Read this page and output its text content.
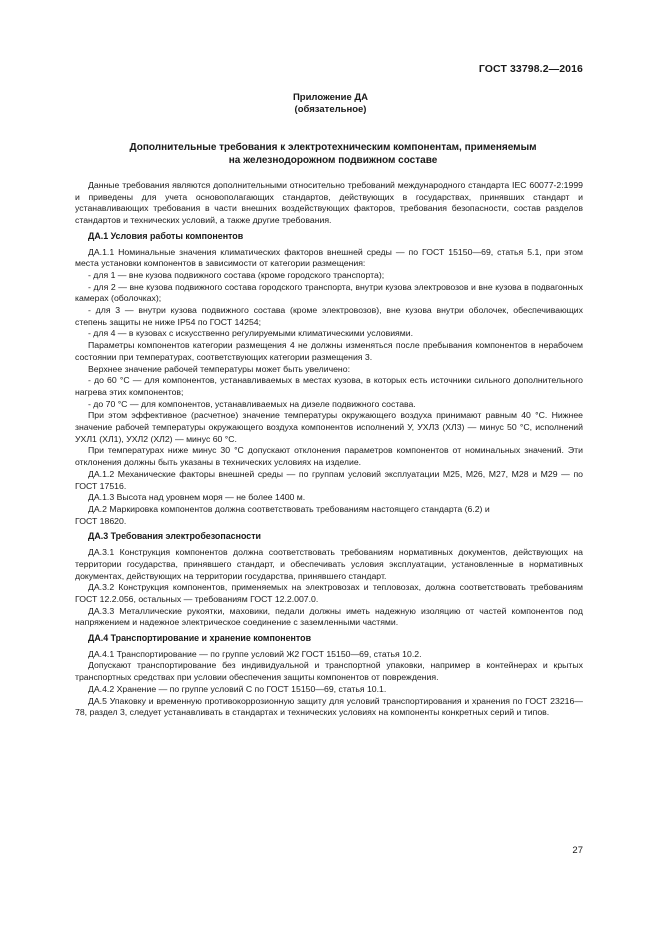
ГОСТ 33798.2—2016
Приложение ДА
(обязательное)
Дополнительные требования к электротехническим компонентам, применяемым
на железнодорожном подвижном составе

Данные требования являются дополнительными относительно требований международного стандарта IEC 60077-2:1999 и приведены для учета основополагающих стандартов, действующих в государствах, принявших стандарт и устанавливающих требования в части внешних воздействующих факторов, требования безопасности, состав разделов стандартов и технических условий, а также другие требования.

ДА.1 Условия работы компонентов

ДА.1.1 Номинальные значения климатических факторов внешней среды — по ГОСТ 15150—69, статья 5.1, при этом места установки компонентов в зависимости от категории размещения:

- для 1 — вне кузова подвижного состава (кроме городского транспорта);

- для 2 — вне кузова подвижного состава городского транспорта, внутри кузова электровозов и вне кузова в подвагонных камерах (оболочках);

- для 3 — внутри кузова подвижного состава (кроме электровозов), вне кузова внутри оболочек, обеспечивающих степень защиты не ниже IP54 по ГОСТ 14254;

- для 4 — в кузовах с искусственно регулируемыми климатическими условиями.

Параметры компонентов категории размещения 4 не должны изменяться после пребывания компонентов в нерабочем состоянии при температурах, соответствующих категории размещения 3.

Верхнее значение рабочей температуры может быть увеличено:

- до 60 °С — для компонентов, устанавливаемых в местах кузова, в которых есть источники сильного дополнительного нагрева этих компонентов;

- до 70 °С — для компонентов, устанавливаемых на дизеле подвижного состава.

При этом эффективное (расчетное) значение температуры окружающего воздуха принимают равным 40 °С. Нижнее значение рабочей температуры окружающего воздуха компонентов исполнений У, УХЛ3 (ХЛ3) — минус 50 °С, исполнений УХЛ1 (ХЛ1), УХЛ2 (ХЛ2) — минус 60 °С.

При температурах ниже минус 30 °С допускают отклонения параметров компонентов от номинальных значений. Эти отклонения должны быть указаны в технических условиях на изделие.

ДА.1.2 Механические факторы внешней среды — по группам условий эксплуатации М25, М26, М27, М28 и М29 — по ГОСТ 17516.

ДА.1.3 Высота над уровнем моря — не более 1400 м.

ДА.2 Маркировка компонентов должна соответствовать требованиям настоящего стандарта (6.2) и

ГОСТ 18620.

ДА.3 Требования электробезопасности

ДА.3.1 Конструкция компонентов должна соответствовать требованиям нормативных документов, действующих на территории государства, принявшего стандарт, и обеспечивать условия эксплуатации, установленные в нормативных документах, действующих на территории государства, принявшего стандарт.

ДА.3.2 Конструкция компонентов, применяемых на электровозах и тепловозах, должна соответствовать требованиям ГОСТ 12.2.056, остальных — требованиям ГОСТ 12.2.007.0.

ДА.3.3 Металлические рукоятки, маховики, педали должны иметь надежную изоляцию от частей компонентов под напряжением и надежное электрическое соединение с заземленными частями.

ДА.4 Транспортирование и хранение компонентов

ДА.4.1 Транспортирование — по группе условий Ж2 ГОСТ 15150—69, статья 10.2.

Допускают транспортирование без индивидуальной и транспортной упаковки, например в контейнерах и крытых транспортных средствах при условии обеспечения защиты компонентов от повреждения.

ДА.4.2 Хранение — по группе условий С по ГОСТ 15150—69, статья 10.1.

ДА.5 Упаковку и временную противокоррозионную защиту для условий транспортирования и хранения по ГОСТ 23216—78, раздел 3, следует устанавливать в стандартах и технических условиях на компоненты конкретных серий и типов.

27
